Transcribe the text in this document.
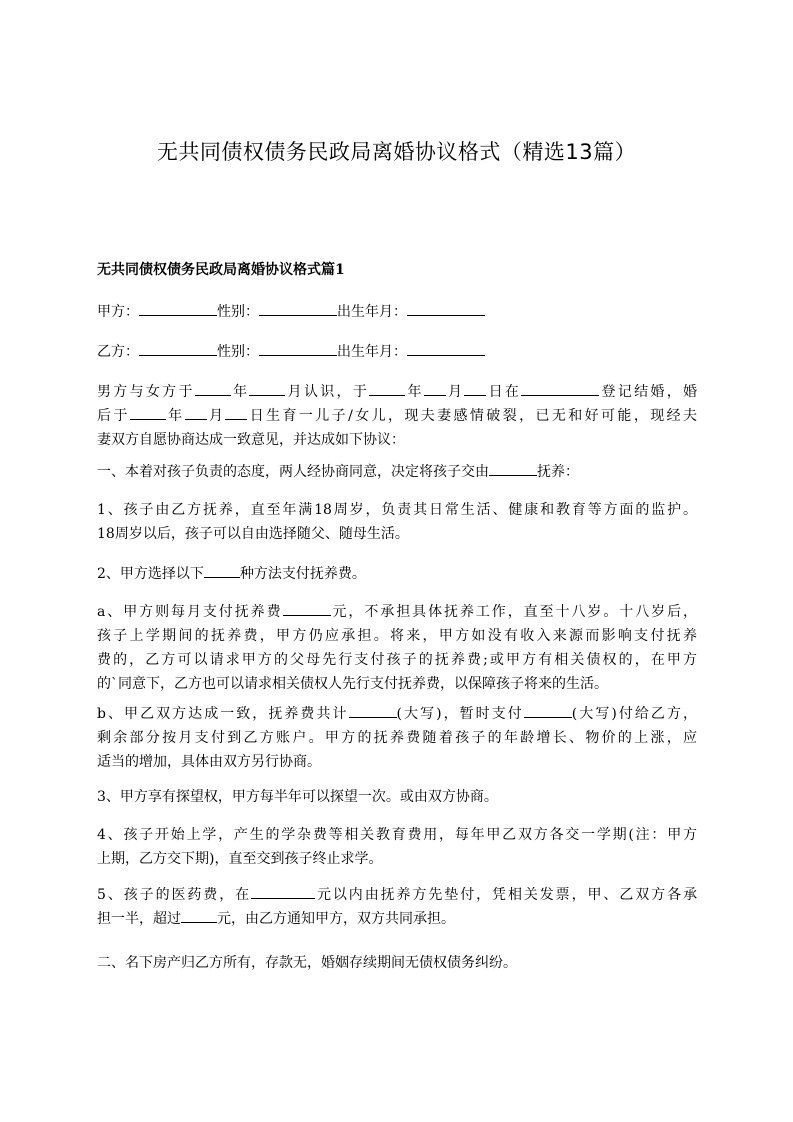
无共同债权债务民政局离婚协议格式（精选13篇）
无共同债权债务民政局离婚协议格式篇1
甲方：	性别：	出生年月：
乙方：	性别：	出生年月：
男方与女方于	年	月认识，于	年 月 日在	登记结婚，婚
后于	年 月 日生育一儿子/女儿，现夫妻感情破裂，已无和好可能，现经夫
妻双方自愿协商达成一致意见，并达成如下协议：
一、本着对孩子负责的态度，两人经协商同意，决定将孩子交由	抚养：
1、孩子由乙方抚养，直至年满18周岁，负责其日常生活、健康和教育等方面的监护。
18周岁以后，孩子可以自由选择随父、随母生活。
2、甲方选择以下	种方法支付抚养费。
a、甲方则每月支付抚养费	元，不承担具体抚养工作，直至十八岁。十八岁后，
孩子上学期间的抚养费，甲方仍应承担。将来，甲方如没有收入来源而影响支付抚养
费的，乙方可以请求甲方的父母先行支付孩子的抚养费;或甲方有相关债权的，在甲方
的`同意下，乙方也可以请求相关债权人先行支付抚养费，以保障孩子将来的生活。
b、甲乙双方达成一致，抚养费共计	(大写)，暂时支付	(大写)付给乙方，
剩余部分按月支付到乙方账户。甲方的抚养费随着孩子的年龄增长、物价的上涨，应
适当的增加，具体由双方另行协商。
3、甲方享有探望权，甲方每半年可以探望一次。或由双方协商。
4、孩子开始上学，产生的学杂费等相关教育费用，每年甲乙双方各交一学期(注：甲方
上期，乙方交下期)，直至交到孩子终止求学。
5、孩子的医药费，在	元以内由抚养方先垫付，凭相关发票，甲、乙双方各承
担一半，超过	元，由乙方通知甲方，双方共同承担。
二、名下房产归乙方所有，存款无，婚姻存续期间无债权债务纠纷。
